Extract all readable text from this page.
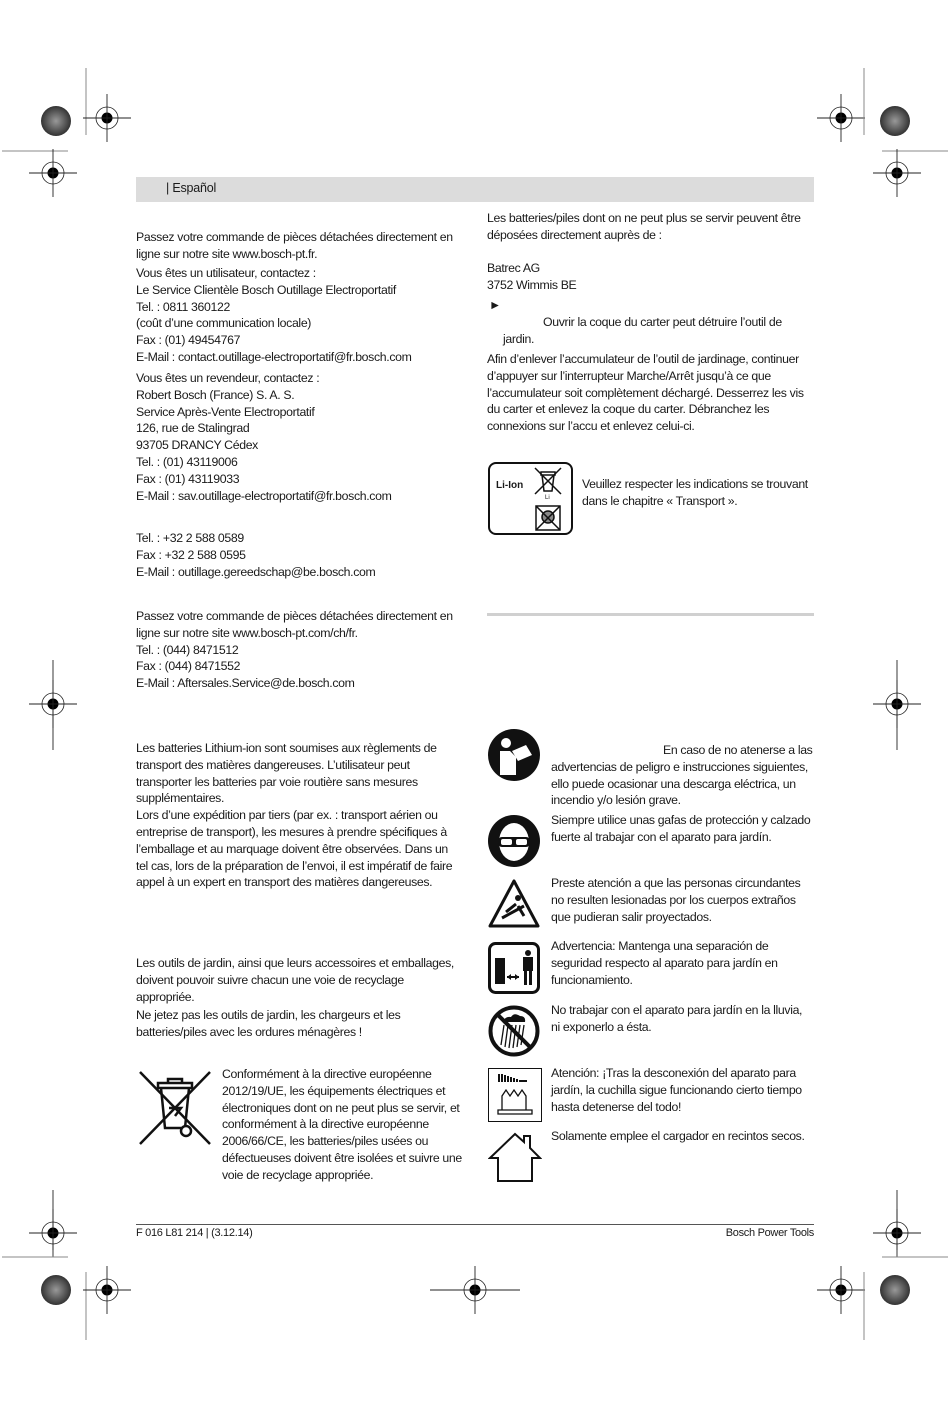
| Español

Passez votre commande de pièces détachées directement en ligne sur notre site www.bosch-pt.fr.

Vous êtes un utilisateur, contactez :
Le Service Clientèle Bosch Outillage Electroportatif
Tel. : 0811 360122
(coût d’une communication locale)
Fax : (01) 49454767
E-Mail : contact.outillage-electroportatif@fr.bosch.com
Vous êtes un revendeur, contactez :
Robert Bosch (France) S. A. S.
Service Après-Vente Electroportatif
126, rue de Stalingrad
93705 DRANCY Cédex
Tel. : (01) 43119006
Fax : (01) 43119033
E-Mail : sav.outillage-electroportatif@fr.bosch.com
Tel. : +32 2 588 0589
Fax : +32 2 588 0595
E-Mail : outillage.gereedschap@be.bosch.com
Passez votre commande de pièces détachées directement en
ligne sur notre site www.bosch-pt.com/ch/fr.
Tel. : (044) 8471512
Fax : (044) 8471552
E-Mail : Aftersales.Service@de.bosch.com

Les batteries Lithium-ion sont soumises aux règlements de transport des matières dangereuses. L’utilisateur peut transporter les batteries par voie routière sans mesures supplémentaires.

Lors d’une expédition par tiers (par ex. : transport aérien ou entreprise de transport), les mesures à prendre spécifiques à l’emballage et au marquage doivent être observées. Dans un tel cas, lors de la préparation de l’envoi, il est impératif de faire appel à un expert en transport des matières dangereuses.

Les outils de jardin, ainsi que leurs accessoires et emballages, doivent pouvoir suivre chacun une voie de recyclage appropriée.

Ne jetez pas les outils de jardin, les chargeurs et les batteries/piles avec les ordures ménagères !

Conformément à la directive européenne 2012/19/UE, les équipements électriques et électroniques dont on ne peut plus se servir, et conformément à la directive européenne 2006/66/CE, les batteries/piles usées ou défectueuses doivent être isolées et suivre une voie de recyclage appropriée.

Les batteries/piles dont on ne peut plus se servir peuvent être déposées directement auprès de :

Batrec AG
3752 Wimmis BE
►
Ouvrir la coque du carter peut détruire l’outil de jardin.

Afin d’enlever l’accumulateur de l’outil de jardinage, continuer d’appuyer sur l’interrupteur Marche/Arrêt jusqu’à ce que l’accumulateur soit complètement déchargé. Desserrez les vis du carter et enlevez la coque du carter. Débranchez les connexions sur l’accu et enlevez celui-ci.

Li-Ion
Li
Veuillez respecter les indications se trouvant dans le chapitre « Transport ».
En caso de no atenerse a las advertencias de peligro e instrucciones siguientes, ello puede ocasionar una descarga eléctrica, un incendio y/o lesión grave.
Siempre utilice unas gafas de protección y calzado fuerte al trabajar con el aparato para jardín.
Preste atención a que las personas circundantes no resulten lesionadas por los cuerpos extraños que pudieran salir proyectados.
Advertencia: Mantenga una separación de seguridad respecto al aparato para jardín en funcionamiento.
No trabajar con el aparato para jardín en la lluvia, ni exponerlo a ésta.
Atención: ¡Tras la desconexión del aparato para jardín, la cuchilla sigue funcionando cierto tiempo hasta detenerse del todo!
Solamente emplee el cargador en recintos secos.
F 016 L81 214 | (3.12.14)	Bosch Power Tools
